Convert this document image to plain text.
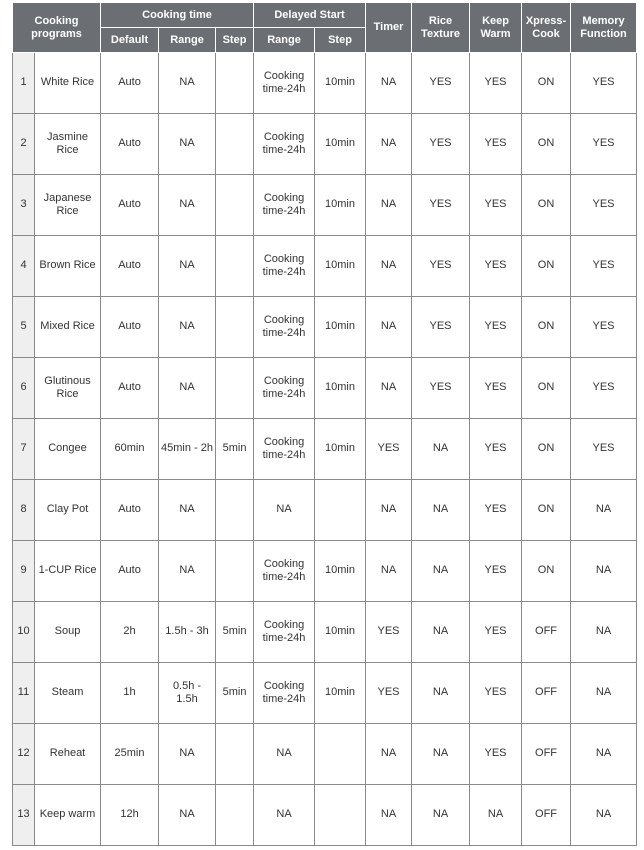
Cooking programs		Cooking time			Delayed Start		Timer	Rice Texture	Keep Warm	Xpress-Cook	Memory Function
		Default	Range	Step	Range	Step					
1	White Rice	Auto	NA		Cooking time-24h	10min	NA	YES	YES	ON	YES
2	Jasmine Rice	Auto	NA		Cooking time-24h	10min	NA	YES	YES	ON	YES
3	Japanese Rice	Auto	NA		Cooking time-24h	10min	NA	YES	YES	ON	YES
4	Brown Rice	Auto	NA		Cooking time-24h	10min	NA	YES	YES	ON	YES
5	Mixed Rice	Auto	NA		Cooking time-24h	10min	NA	YES	YES	ON	YES
6	Glutinous Rice	Auto	NA		Cooking time-24h	10min	NA	YES	YES	ON	YES
7	Congee	60min	45min - 2h	5min	Cooking time-24h	10min	YES	NA	YES	ON	YES
8	Clay Pot	Auto	NA		NA		NA	NA	YES	ON	NA
9	1-CUP Rice	Auto	NA		Cooking time-24h	10min	NA	NA	YES	ON	NA
10	Soup	2h	1.5h - 3h	5min	Cooking time-24h	10min	YES	NA	YES	OFF	NA
11	Steam	1h	0.5h - 1.5h	5min	Cooking time-24h	10min	YES	NA	YES	OFF	NA
12	Reheat	25min	NA		NA		NA	NA	YES	OFF	NA
13	Keep warm	12h	NA		NA		NA	NA	NA	OFF	NA
